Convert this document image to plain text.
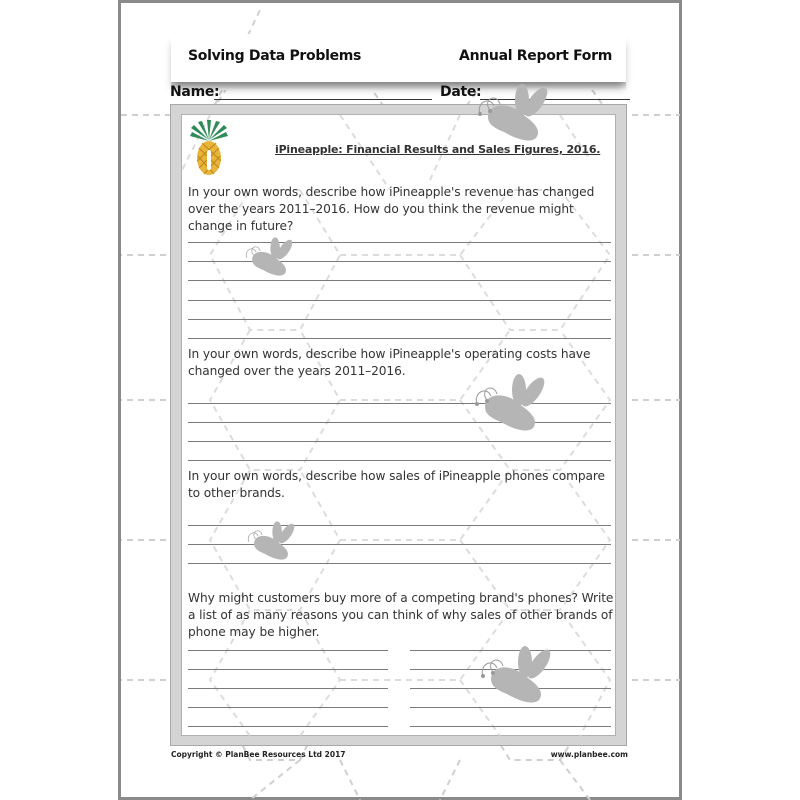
Solving Data Problems	Annual Report Form
Name:	Date:
iPineapple: Financial Results and Sales Figures, 2016.
In your own words, describe how iPineapple's revenue has changed over the years 2011–2016. How do you think the revenue might change in future?
In your own words, describe how iPineapple's operating costs have changed over the years 2011–2016.
In your own words, describe how sales of iPineapple phones compare to other brands.
Why might customers buy more of a competing brand's phones? Write a list of as many reasons you can think of why sales of other brands of phone may be higher.
Copyright © PlanBee Resources Ltd 2017	www.planbee.com
